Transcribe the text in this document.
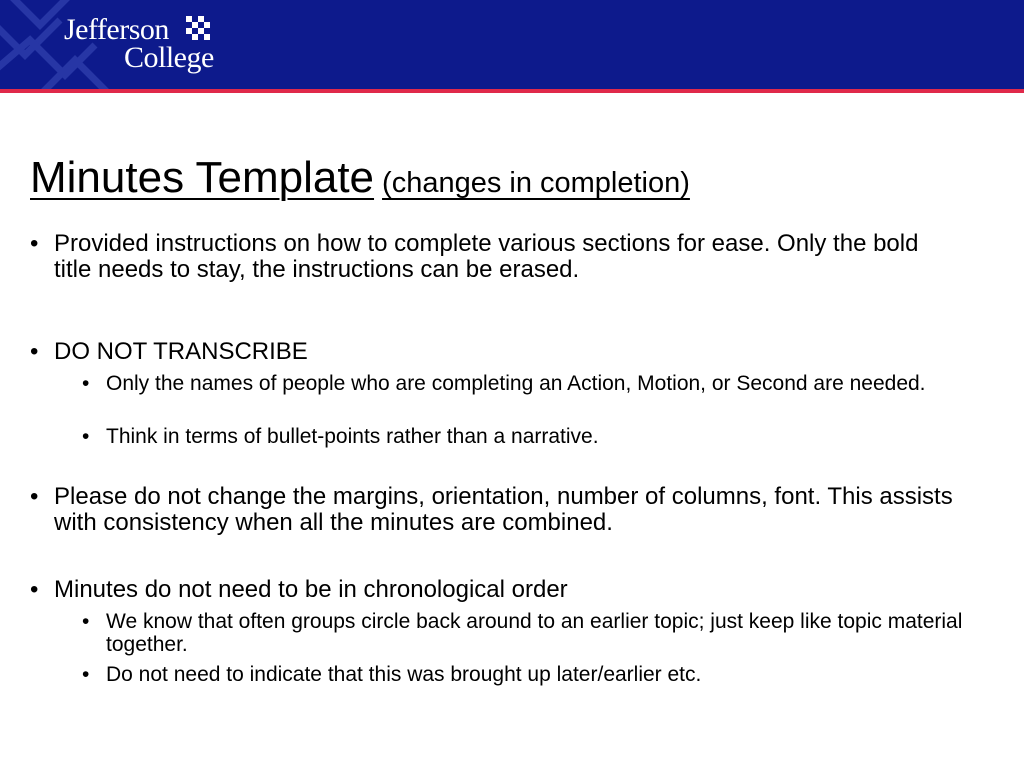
Jefferson
College
Minutes Template (changes in completion)
• Provided instructions on how to complete various sections for ease. Only the bold title needs to stay, the instructions can be erased.
• DO NOT TRANSCRIBE
• Only the names of people who are completing an Action, Motion, or Second are needed.
• Think in terms of bullet-points rather than a narrative.
• Please do not change the margins, orientation, number of columns, font. This assists with consistency when all the minutes are combined.
• Minutes do not need to be in chronological order
• We know that often groups circle back around to an earlier topic; just keep like topic material together.
• Do not need to indicate that this was brought up later/earlier etc.
